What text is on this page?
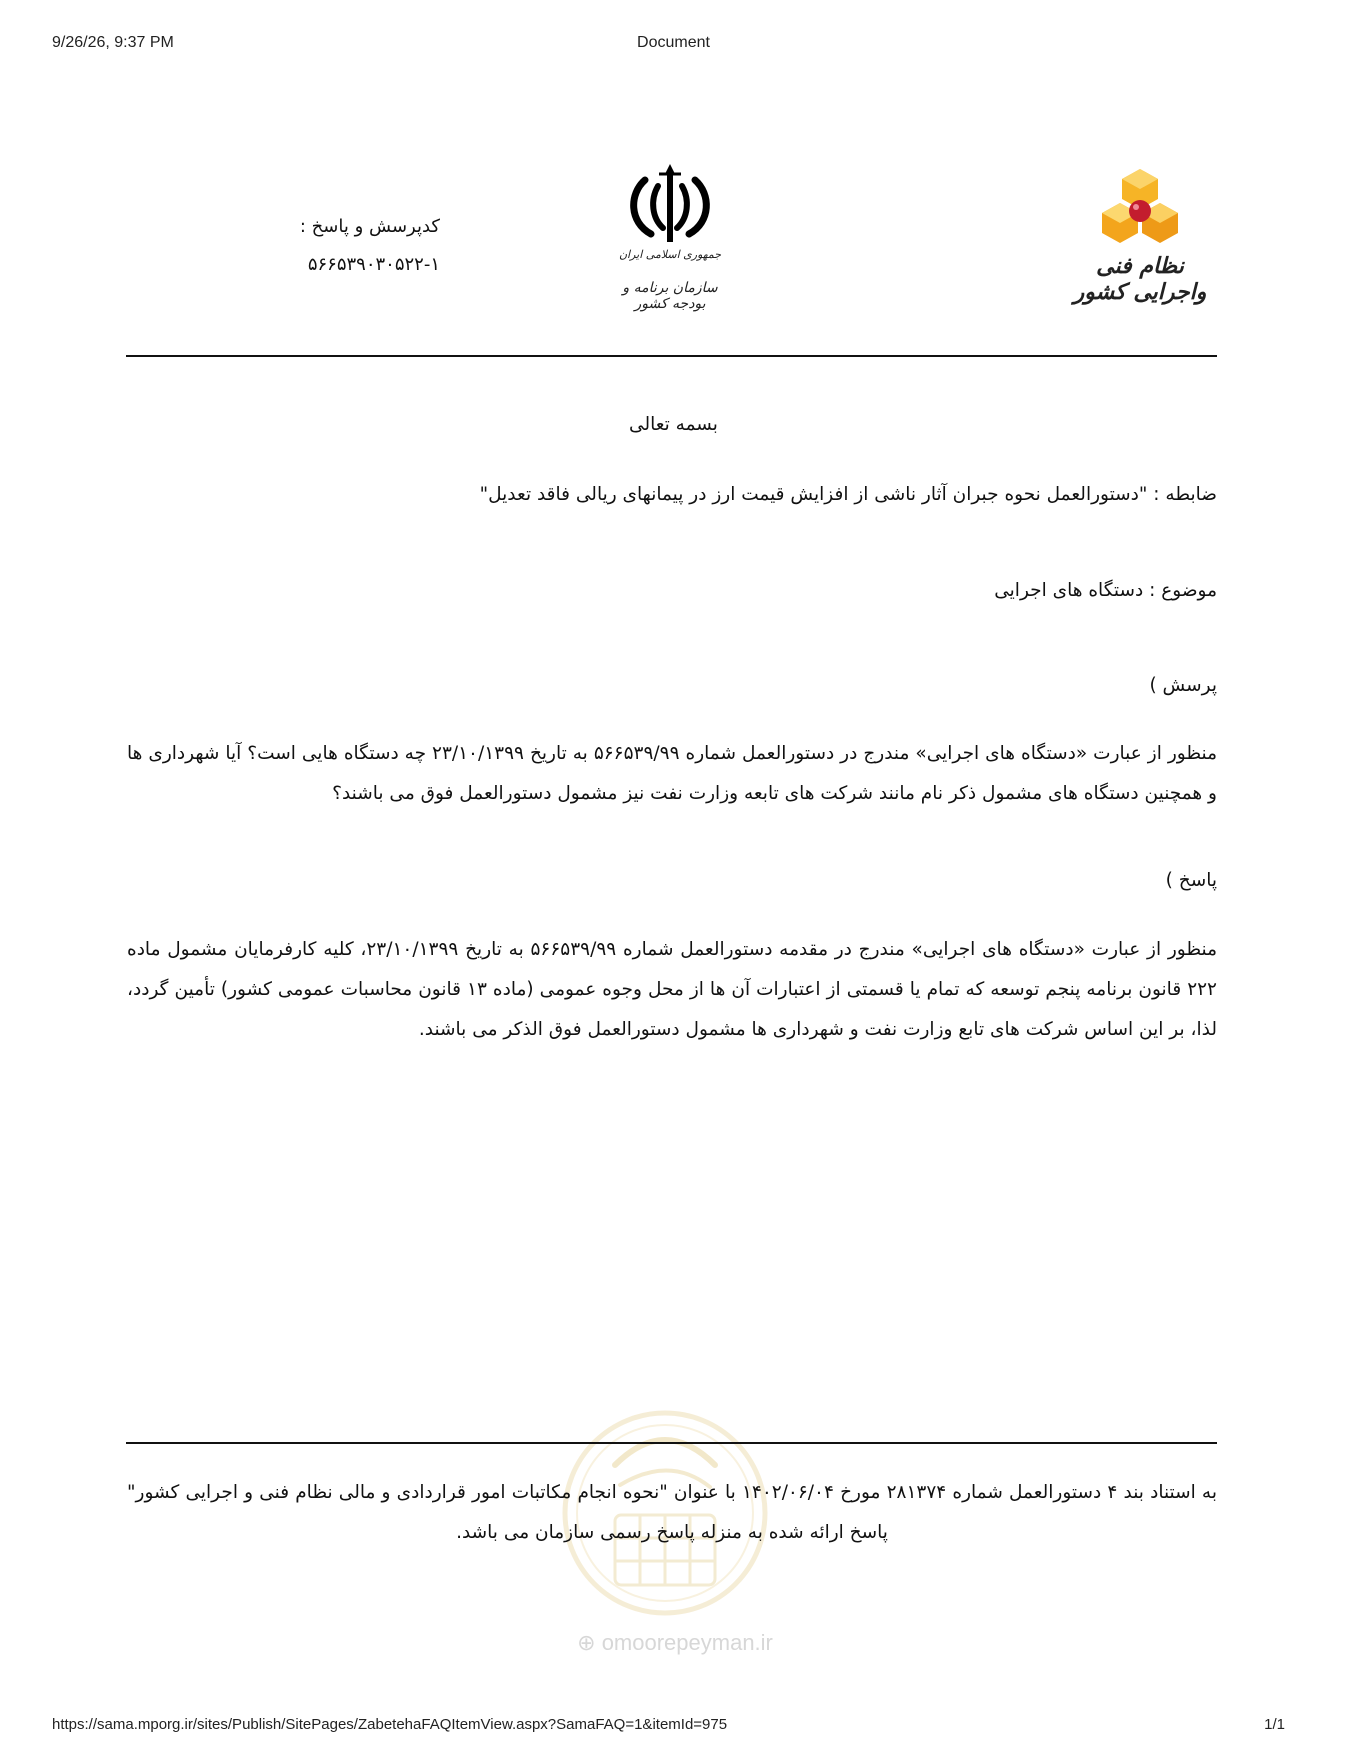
9/26/26, 9:37 PM	Document
نظام فنی واجرایی کشور
جمهوری اسلامی ایران
سازمان برنامه و بودجه کشور
کدپرسش و پاسخ :
۵۶۶۵۳۹۰۳۰۵۲۲-۱
بسمه تعالی
ضابطه : "دستورالعمل نحوه جبران آثار ناشی از افزایش قیمت ارز در پیمانهای ریالی فاقد تعدیل"
موضوع : دستگاه های اجرایی
پرسش )
منظور از عبارت «دستگاه های اجرایی» مندرج در دستورالعمل شماره ۵۶۶۵۳۹/۹۹ به تاریخ ۲۳/۱۰/۱۳۹۹ چه دستگاه هایی است؟ آیا شهرداری ها و همچنین دستگاه های مشمول ذکر نام مانند شرکت های تابعه وزارت نفت نیز مشمول دستورالعمل فوق می باشند؟
پاسخ )
منظور از عبارت «دستگاه های اجرایی» مندرج در مقدمه دستورالعمل شماره ۵۶۶۵۳۹/۹۹ به تاریخ ۲۳/۱۰/۱۳۹۹، کلیه کارفرمایان مشمول ماده ۲۲۲ قانون برنامه پنجم توسعه که تمام یا قسمتی از اعتبارات آن ها از محل وجوه عمومی (ماده ۱۳ قانون محاسبات عمومی کشور) تأمین گردد، لذا، بر این اساس شرکت های تابع وزارت نفت و شهرداری ها مشمول دستورالعمل فوق الذکر می باشند.
⊕ omoorepeyman.ir
به استناد بند ۴ دستورالعمل شماره ۲۸۱۳۷۴ مورخ ۱۴۰۲/۰۶/۰۴ با عنوان "نحوه انجام مکاتبات امور قراردادی و مالی نظام فنی و اجرایی کشور" پاسخ ارائه شده به منزله پاسخ رسمی سازمان می باشد.
https://sama.mporg.ir/sites/Publish/SitePages/ZabetehaFAQItemView.aspx?SamaFAQ=1&itemId=975	1/1
